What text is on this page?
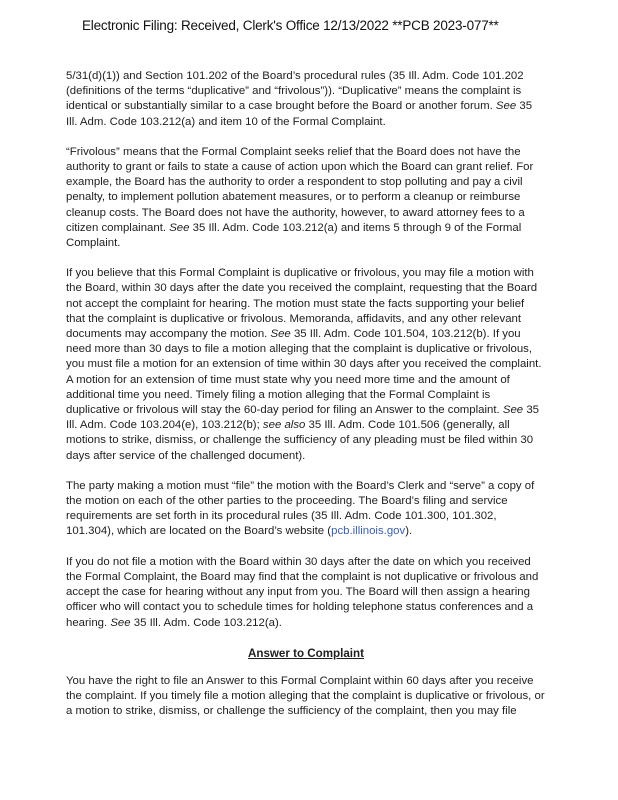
Electronic Filing: Received, Clerk's Office 12/13/2022 **PCB 2023-077**

5/31(d)(1)) and Section 101.202 of the Board’s procedural rules (35 Ill. Adm. Code 101.202 (definitions of the terms “duplicative” and “frivolous”)). “Duplicative” means the complaint is identical or substantially similar to a case brought before the Board or another forum. See 35 Ill. Adm. Code 103.212(a) and item 10 of the Formal Complaint.

“Frivolous” means that the Formal Complaint seeks relief that the Board does not have the authority to grant or fails to state a cause of action upon which the Board can grant relief. For example, the Board has the authority to order a respondent to stop polluting and pay a civil penalty, to implement pollution abatement measures, or to perform a cleanup or reimburse cleanup costs. The Board does not have the authority, however, to award attorney fees to a citizen complainant. See 35 Ill. Adm. Code 103.212(a) and items 5 through 9 of the Formal Complaint.

If you believe that this Formal Complaint is duplicative or frivolous, you may file a motion with the Board, within 30 days after the date you received the complaint, requesting that the Board not accept the complaint for hearing. The motion must state the facts supporting your belief that the complaint is duplicative or frivolous. Memoranda, affidavits, and any other relevant documents may accompany the motion. See 35 Ill. Adm. Code 101.504, 103.212(b). If you need more than 30 days to file a motion alleging that the complaint is duplicative or frivolous, you must file a motion for an extension of time within 30 days after you received the complaint. A motion for an extension of time must state why you need more time and the amount of additional time you need. Timely filing a motion alleging that the Formal Complaint is duplicative or frivolous will stay the 60-day period for filing an Answer to the complaint. See 35 Ill. Adm. Code 103.204(e), 103.212(b); see also 35 Ill. Adm. Code 101.506 (generally, all motions to strike, dismiss, or challenge the sufficiency of any pleading must be filed within 30 days after service of the challenged document).

The party making a motion must “file” the motion with the Board’s Clerk and “serve” a copy of the motion on each of the other parties to the proceeding. The Board’s filing and service requirements are set forth in its procedural rules (35 Ill. Adm. Code 101.300, 101.302, 101.304), which are located on the Board’s website (pcb.illinois.gov).

If you do not file a motion with the Board within 30 days after the date on which you received the Formal Complaint, the Board may find that the complaint is not duplicative or frivolous and accept the case for hearing without any input from you. The Board will then assign a hearing officer who will contact you to schedule times for holding telephone status conferences and a hearing. See 35 Ill. Adm. Code 103.212(a).

Answer to Complaint

You have the right to file an Answer to this Formal Complaint within 60 days after you receive the complaint. If you timely file a motion alleging that the complaint is duplicative or frivolous, or a motion to strike, dismiss, or challenge the sufficiency of the complaint, then you may file
